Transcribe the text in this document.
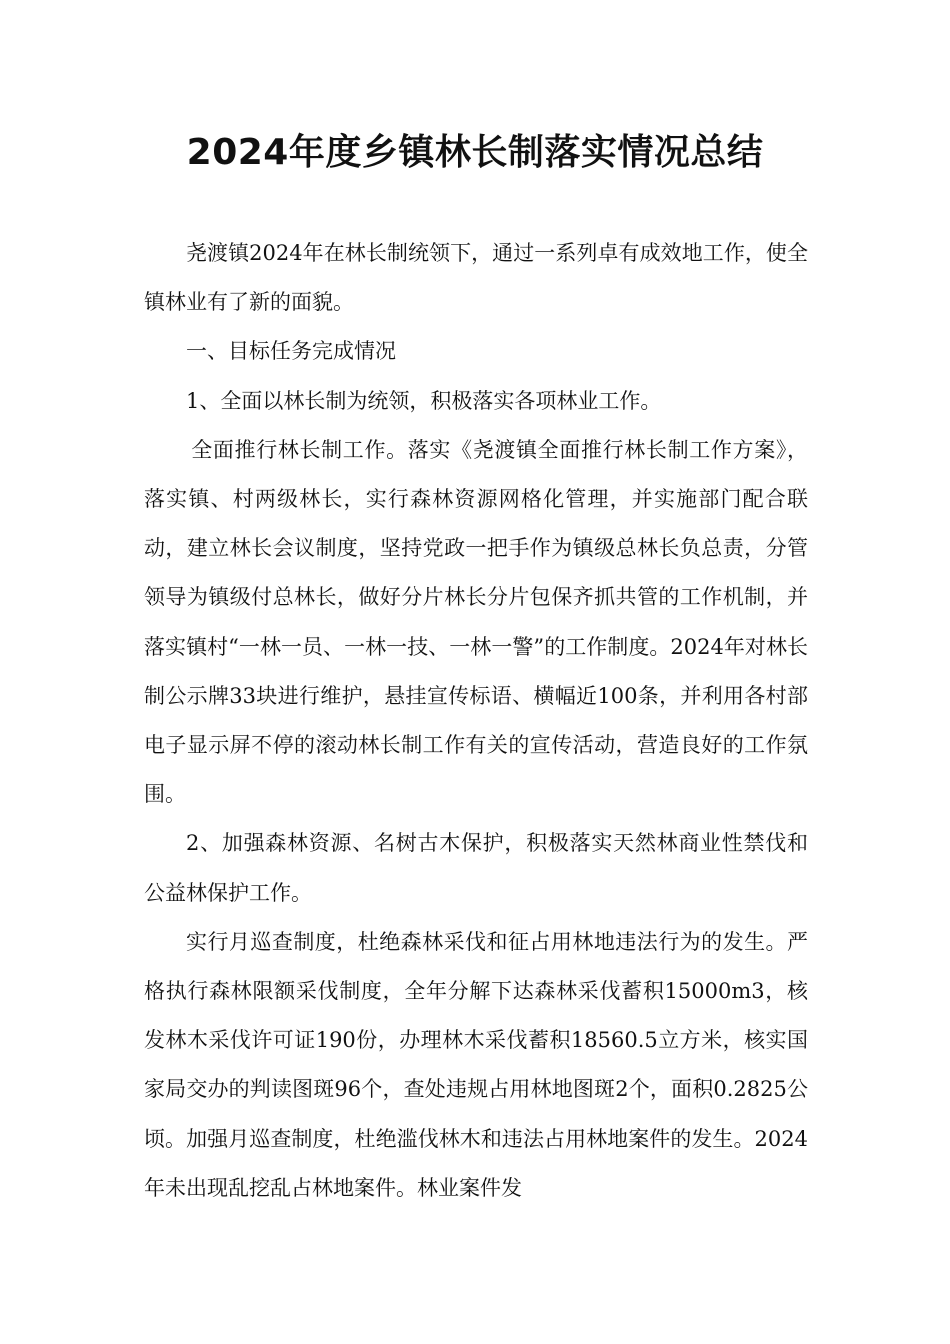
2024年度乡镇林长制落实情况总结

尧渡镇2024年在林长制统领下，通过一系列卓有成效地工作，使全镇林业有了新的面貌。

一、目标任务完成情况

1、全面以林长制为统领，积极落实各项林业工作。

全面推行林长制工作。落实《尧渡镇全面推行林长制工作方案》，落实镇、村两级林长，实行森林资源网格化管理，并实施部门配合联动，建立林长会议制度，坚持党政一把手作为镇级总林长负总责，分管领导为镇级付总林长，做好分片林长分片包保齐抓共管的工作机制，并落实镇村“一林一员、一林一技、一林一警”的工作制度。2024年对林长制公示牌33块进行维护，悬挂宣传标语、横幅近100条，并利用各村部电子显示屏不停的滚动林长制工作有关的宣传活动，营造良好的工作氛围。

2、加强森林资源、名树古木保护，积极落实天然林商业性禁伐和公益林保护工作。

实行月巡查制度，杜绝森林采伐和征占用林地违法行为的发生。严格执行森林限额采伐制度，全年分解下达森林采伐蓄积15000m3，核发林木采伐许可证190份，办理林木采伐蓄积18560.5立方米，核实国家局交办的判读图斑96个，查处违规占用林地图斑2个，面积0.2825公顷。加强月巡查制度，杜绝滥伐林木和违法占用林地案件的发生。2024年未出现乱挖乱占林地案件。林业案件发
